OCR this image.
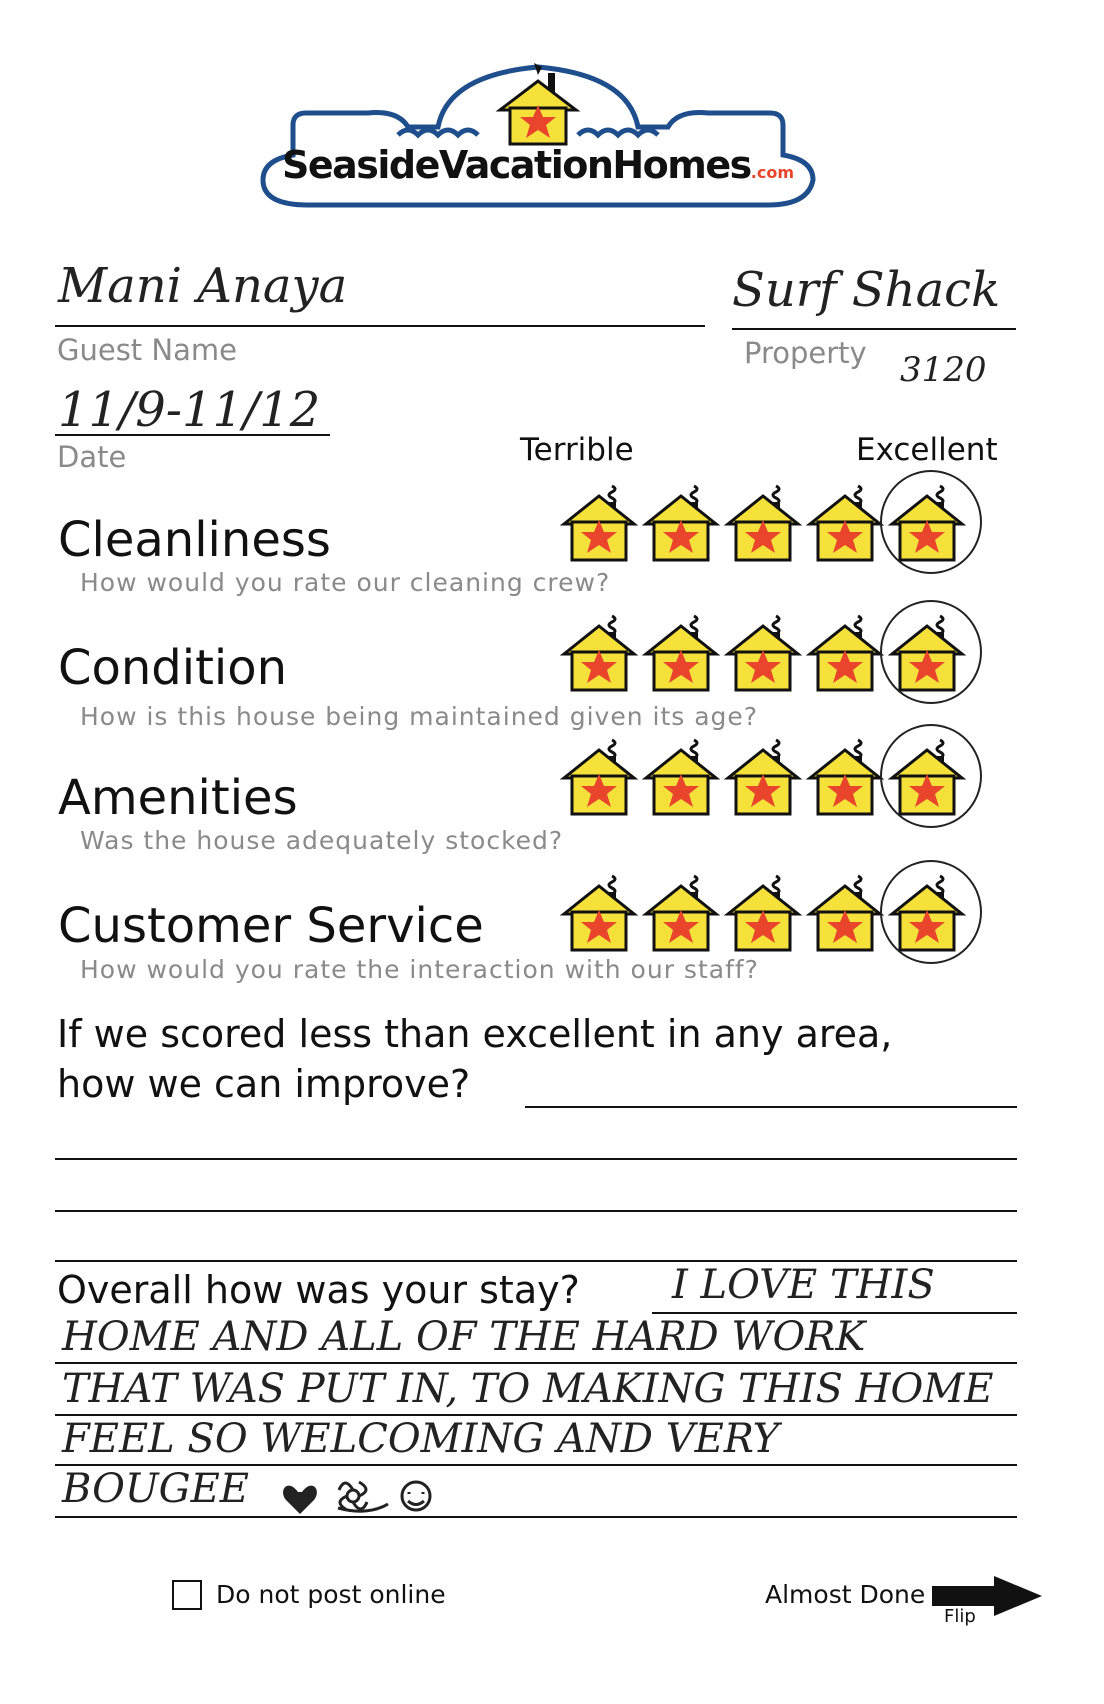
SeasideVacationHomes.com
Mani Anaya
Guest Name
Surf Shack
Property 3120
11/9-11/12
Date	Terrible	Excellent
Cleanliness
How would you rate our cleaning crew?
Condition
How is this house being maintained given its age?
Amenities
Was the house adequately stocked?
Customer Service
How would you rate the interaction with our staff?
If we scored less than excellent in any area,
how we can improve?
Overall how was your stay? I LOVE THIS
HOME AND ALL OF THE HARD WORK
THAT WAS PUT IN, TO MAKING THIS HOME
FEEL SO WELCOMING AND VERY
BOUGEE
Do not post online	Almost Done
Flip
